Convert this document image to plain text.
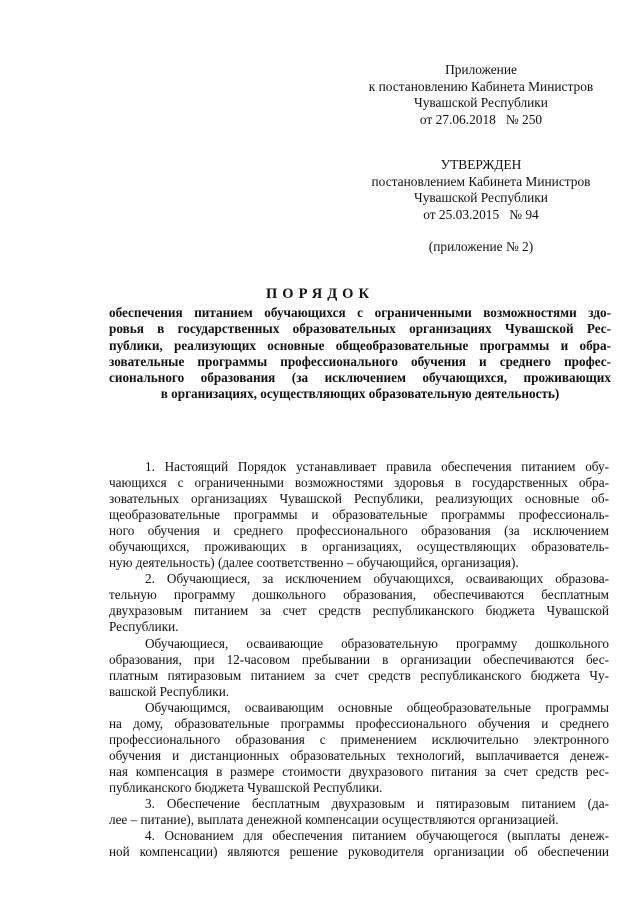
Приложение
к постановлению Кабинета Министров
Чувашской Республики
от 27.06.2018   № 250
УТВЕРЖДЕН
постановлением Кабинета Министров
Чувашской Республики
от 25.03.2015   № 94
(приложение № 2)
ПОРЯДОК
обеспечения питанием обучающихся с ограниченными возможностями здо-
ровья в государственных образовательных организациях Чувашской Рес-
публики, реализующих основные общеобразовательные программы и обра-
зовательные программы профессионального обучения и среднего профес-
сионального образования (за исключением обучающихся, проживающих
в организациях, осуществляющих образовательную деятельность)
1. Настоящий Порядок устанавливает правила обеспечения питанием обу-
чающихся с ограниченными возможностями здоровья в государственных обра-
зовательных организациях Чувашской Республики, реализующих основные об-
щеобразовательные программы и образовательные программы профессиональ-
ного обучения и среднего профессионального образования (за исключением
обучающихся, проживающих в организациях, осуществляющих образователь-
ную деятельность) (далее соответственно – обучающийся, организация).
2. Обучающиеся, за исключением обучающихся, осваивающих образова-
тельную программу дошкольного образования, обеспечиваются бесплатным
двухразовым питанием за счет средств республиканского бюджета Чувашской
Республики.
Обучающиеся, осваивающие образовательную программу дошкольного
образования, при 12-часовом пребывании в организации обеспечиваются бес-
платным пятиразовым питанием за счет средств республиканского бюджета Чу-
вашской Республики.
Обучающимся, осваивающим основные общеобразовательные программы
на дому, образовательные программы профессионального обучения и среднего
профессионального образования с применением исключительно электронного
обучения и дистанционных образовательных технологий, выплачивается денеж-
ная компенсация в размере стоимости двухразового питания за счет средств рес-
публиканского бюджета Чувашской Республики.
3. Обеспечение бесплатным двухразовым и пятиразовым питанием (да-
лее – питание), выплата денежной компенсации осуществляются организацией.
4. Основанием для обеспечения питанием обучающегося (выплаты денеж-
ной компенсации) являются решение руководителя организации об обеспечении
